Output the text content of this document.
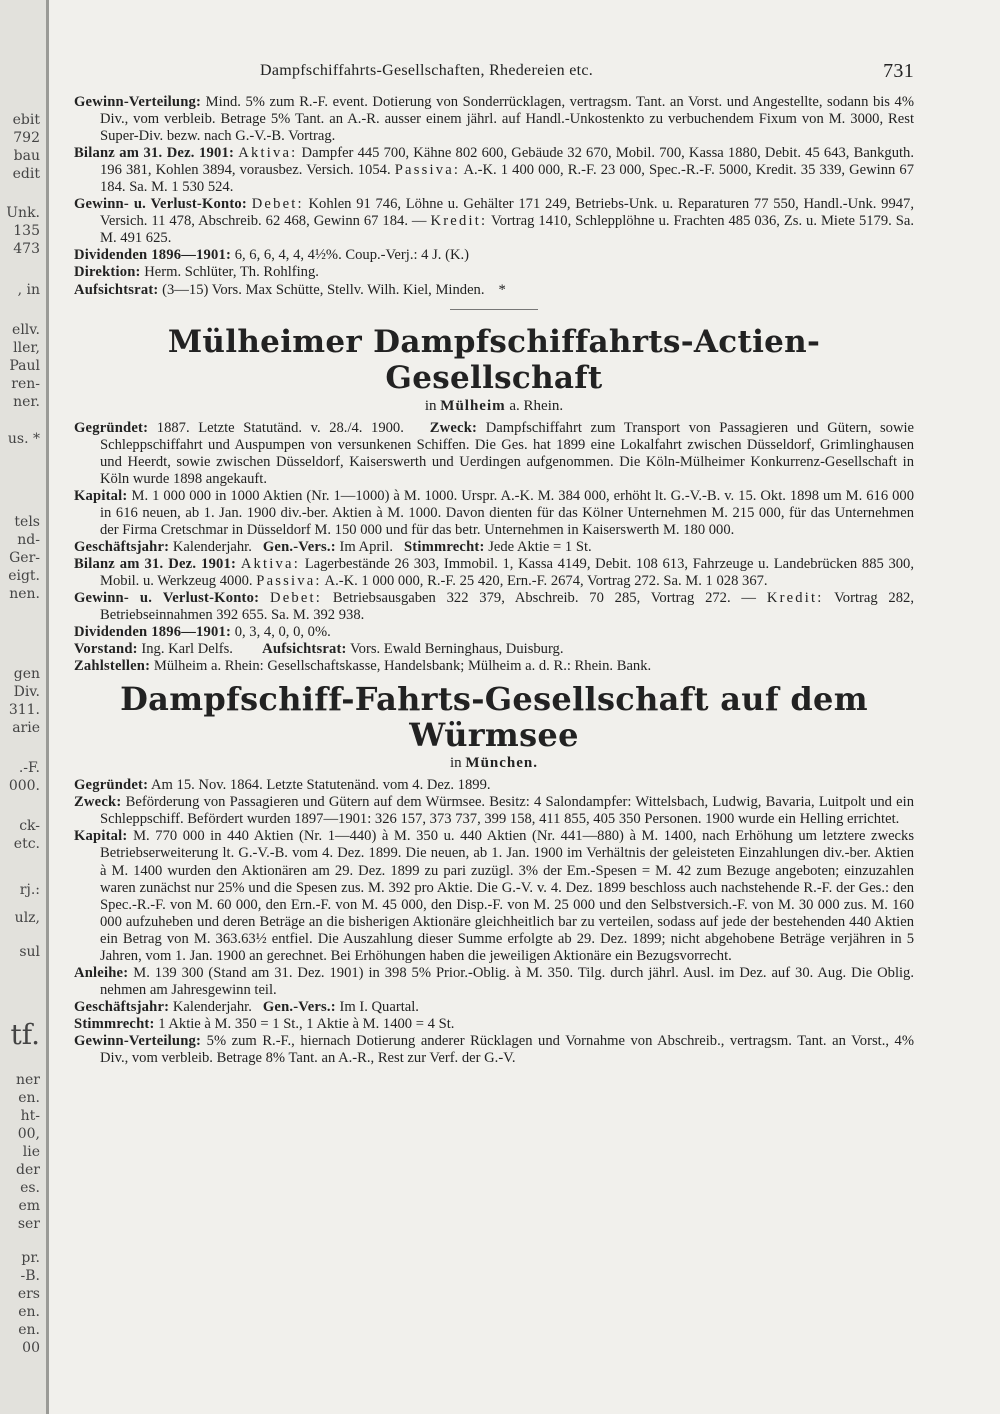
ebit
792
bau
edit
Unk.
135
473
, in
ellv.
ller,
Paul
ren-
ner.
us. *
tels
nd-
Ger-
eigt.
nen.
gen
Div.
311.
arie
.-F.
000.
ck-
etc.
rj.:
ulz,
sul
tf.
ner
en.
ht-
00,
lie
der
es.
em
ser
pr.
-B.
ers
en.
en.
00
Dampfschiffahrts-Gesellschaften, Rhedereien etc.	731

Gewinn-Verteilung: Mind. 5% zum R.-F. event. Dotierung von Sonderrücklagen, vertragsm. Tant. an Vorst. und Angestellte, sodann bis 4% Div., vom verbleib. Betrage 5% Tant. an A.-R. ausser einem jährl. auf Handl.-Unkostenkto zu verbuchendem Fixum von M. 3000, Rest Super-Div. bezw. nach G.-V.-B. Vortrag.

Bilanz am 31. Dez. 1901: Aktiva: Dampfer 445 700, Kähne 802 600, Gebäude 32 670, Mobil. 700, Kassa 1880, Debit. 45 643, Bankguth. 196 381, Kohlen 3894, vorausbez. Versich. 1054. Passiva: A.-K. 1 400 000, R.-F. 23 000, Spec.-R.-F. 5000, Kredit. 35 339, Gewinn 67 184. Sa. M. 1 530 524.

Gewinn- u. Verlust-Konto: Debet: Kohlen 91 746, Löhne u. Gehälter 171 249, Betriebs-Unk. u. Reparaturen 77 550, Handl.-Unk. 9947, Versich. 11 478, Abschreib. 62 468, Gewinn 67 184. — Kredit: Vortrag 1410, Schlepplöhne u. Frachten 485 036, Zs. u. Miete 5179. Sa. M. 491 625.

Dividenden 1896—1901: 6, 6, 6, 4, 4, 4½%. Coup.-Verj.: 4 J. (K.)

Direktion: Herm. Schlüter, Th. Rohlfing.

Aufsichtsrat: (3—15) Vors. Max Schütte, Stellv. Wilh. Kiel, Minden. *

Mülheimer Dampfschiffahrts-Actien-Gesellschaft

in Mülheim a. Rhein.

Gegründet: 1887. Letzte Statutänd. v. 28./4. 1900. Zweck: Dampfschiffahrt zum Transport von Passagieren und Gütern, sowie Schleppschiffahrt und Auspumpen von versunkenen Schiffen. Die Ges. hat 1899 eine Lokalfahrt zwischen Düsseldorf, Grimlinghausen und Heerdt, sowie zwischen Düsseldorf, Kaiserswerth und Uerdingen aufgenommen. Die Köln-Mülheimer Konkurrenz-Gesellschaft in Köln wurde 1898 angekauft.

Kapital: M. 1 000 000 in 1000 Aktien (Nr. 1—1000) à M. 1000. Urspr. A.-K. M. 384 000, erhöht lt. G.-V.-B. v. 15. Okt. 1898 um M. 616 000 in 616 neuen, ab 1. Jan. 1900 div.-ber. Aktien à M. 1000. Davon dienten für das Kölner Unternehmen M. 215 000, für das Unternehmen der Firma Cretschmar in Düsseldorf M. 150 000 und für das betr. Unternehmen in Kaiserswerth M. 180 000.

Geschäftsjahr: Kalenderjahr. Gen.-Vers.: Im April. Stimmrecht: Jede Aktie = 1 St.

Bilanz am 31. Dez. 1901: Aktiva: Lagerbestände 26 303, Immobil. 1, Kassa 4149, Debit. 108 613, Fahrzeuge u. Landebrücken 885 300, Mobil. u. Werkzeug 4000. Passiva: A.-K. 1 000 000, R.-F. 25 420, Ern.-F. 2674, Vortrag 272. Sa. M. 1 028 367.

Gewinn- u. Verlust-Konto: Debet: Betriebsausgaben 322 379, Abschreib. 70 285, Vortrag 272. — Kredit: Vortrag 282, Betriebseinnahmen 392 655. Sa. M. 392 938.

Dividenden 1896—1901: 0, 3, 4, 0, 0, 0%.

Vorstand: Ing. Karl Delfs. Aufsichtsrat: Vors. Ewald Berninghaus, Duisburg.

Zahlstellen: Mülheim a. Rhein: Gesellschaftskasse, Handelsbank; Mülheim a. d. R.: Rhein. Bank.

Dampfschiff-Fahrts-Gesellschaft auf dem Würmsee

in München.

Gegründet: Am 15. Nov. 1864. Letzte Statutenänd. vom 4. Dez. 1899.

Zweck: Beförderung von Passagieren und Gütern auf dem Würmsee. Besitz: 4 Salondampfer: Wittelsbach, Ludwig, Bavaria, Luitpolt und ein Schleppschiff. Befördert wurden 1897—1901: 326 157, 373 737, 399 158, 411 855, 405 350 Personen. 1900 wurde ein Helling errichtet.

Kapital: M. 770 000 in 440 Aktien (Nr. 1—440) à M. 350 u. 440 Aktien (Nr. 441—880) à M. 1400, nach Erhöhung um letztere zwecks Betriebserweiterung lt. G.-V.-B. vom 4. Dez. 1899. Die neuen, ab 1. Jan. 1900 im Verhältnis der geleisteten Einzahlungen div.-ber. Aktien à M. 1400 wurden den Aktionären am 29. Dez. 1899 zu pari zuzügl. 3% der Em.-Spesen = M. 42 zum Bezuge angeboten; einzuzahlen waren zunächst nur 25% und die Spesen zus. M. 392 pro Aktie. Die G.-V. v. 4. Dez. 1899 beschloss auch nachstehende R.-F. der Ges.: den Spec.-R.-F. von M. 60 000, den Ern.-F. von M. 45 000, den Disp.-F. von M. 25 000 und den Selbstversich.-F. von M. 30 000 zus. M. 160 000 aufzuheben und deren Beträge an die bisherigen Aktionäre gleichheitlich bar zu verteilen, sodass auf jede der bestehenden 440 Aktien ein Betrag von M. 363.63½ entfiel. Die Auszahlung dieser Summe erfolgte ab 29. Dez. 1899; nicht abgehobene Beträge verjähren in 5 Jahren, vom 1. Jan. 1900 an gerechnet. Bei Erhöhungen haben die jeweiligen Aktionäre ein Bezugsvorrecht.

Anleihe: M. 139 300 (Stand am 31. Dez. 1901) in 398 5% Prior.-Oblig. à M. 350. Tilg. durch jährl. Ausl. im Dez. auf 30. Aug. Die Oblig. nehmen am Jahresgewinn teil.

Geschäftsjahr: Kalenderjahr. Gen.-Vers.: Im I. Quartal.

Stimmrecht: 1 Aktie à M. 350 = 1 St., 1 Aktie à M. 1400 = 4 St.

Gewinn-Verteilung: 5% zum R.-F., hiernach Dotierung anderer Rücklagen und Vornahme von Abschreib., vertragsm. Tant. an Vorst., 4% Div., vom verbleib. Betrage 8% Tant. an A.-R., Rest zur Verf. der G.-V.
